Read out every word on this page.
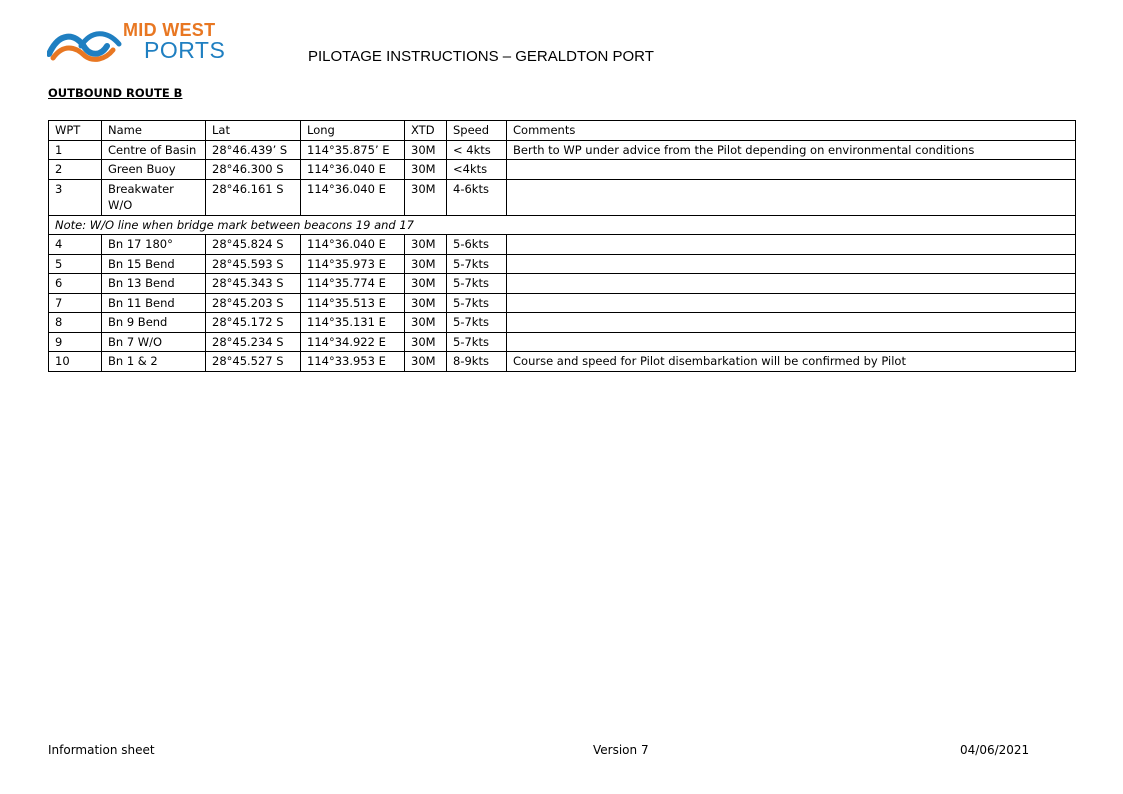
MID WEST
PORTS	PILOTAGE INSTRUCTIONS – GERALDTON PORT
OUTBOUND ROUTE B
WPT	Name	Lat	Long	XTD	Speed	Comments
1	Centre of Basin	28°46.439’ S	114°35.875’ E	30M	< 4kts	Berth to WP under advice from the Pilot depending on environmental conditions
2	Green Buoy	28°46.300 S	114°36.040 E	30M	<4kts	
3	Breakwater W/O	28°46.161 S	114°36.040 E	30M	4-6kts	
Note: W/O line when bridge mark between beacons 19 and 17						
4	Bn 17 180°	28°45.824 S	114°36.040 E	30M	5-6kts	
5	Bn 15 Bend	28°45.593 S	114°35.973 E	30M	5-7kts	
6	Bn 13 Bend	28°45.343 S	114°35.774 E	30M	5-7kts	
7	Bn 11 Bend	28°45.203 S	114°35.513 E	30M	5-7kts	
8	Bn 9 Bend	28°45.172 S	114°35.131 E	30M	5-7kts	
9	Bn 7 W/O	28°45.234 S	114°34.922 E	30M	5-7kts	
10	Bn 1 & 2	28°45.527 S	114°33.953 E	30M	8-9kts	Course and speed for Pilot disembarkation will be confirmed by Pilot
Information sheet	Version 7	04/06/2021
